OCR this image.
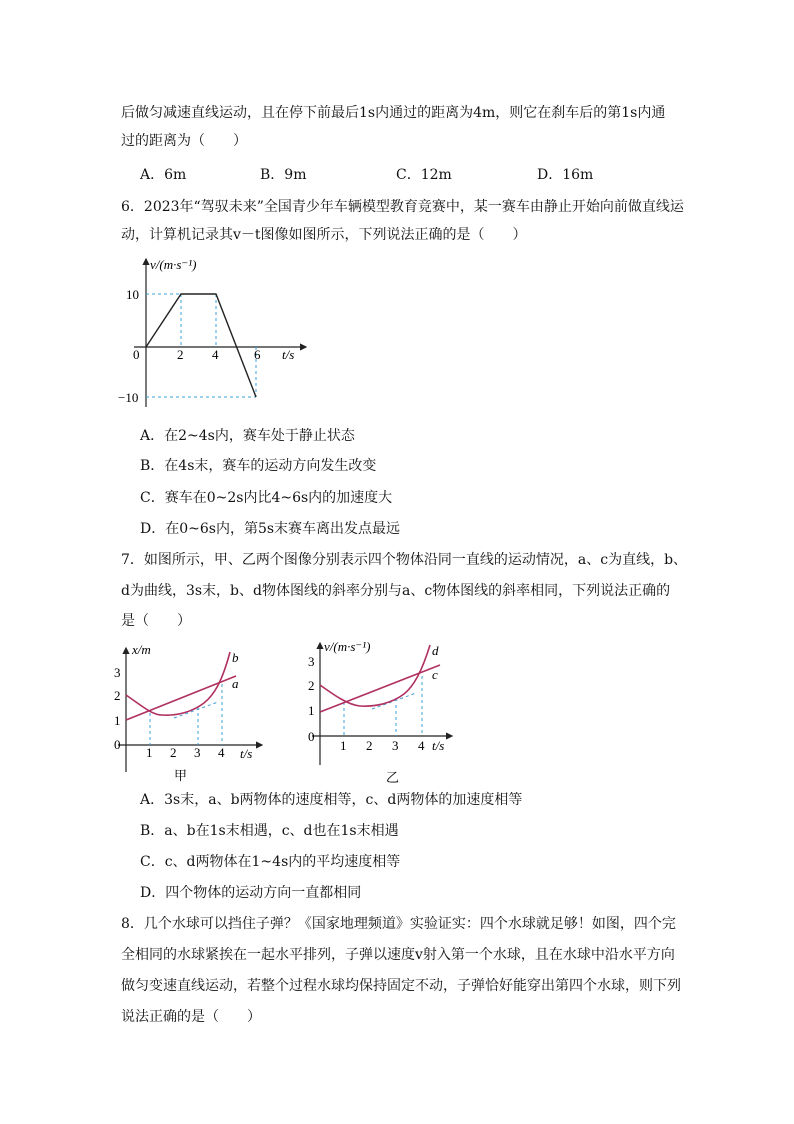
后做匀减速直线运动，且在停下前最后1s内通过的距离为4m，则它在刹车后的第1s内通
过的距离为（　　）
A．6m	B．9m	C．12m	D．16m
6．2023年“驾驭未来”全国青少年车辆模型教育竞赛中，某一赛车由静止开始向前做直线运
动，计算机记录其v－t图像如图所示，下列说法正确的是（　　）
v/(m·s⁻¹)
t/s
0	2 4	6
10
−10
A．在2~4s内，赛车处于静止状态
B．在4s末，赛车的运动方向发生改变
C．赛车在0~2s内比4~6s内的加速度大
D．在0~6s内，第5s末赛车离出发点最远
7．如图所示，甲、乙两个图像分别表示四个物体沿同一直线的运动情况，a、c为直线，b、
d为曲线，3s末，b、d物体图线的斜率分别与a、c物体图线的斜率相同，下列说法正确的
是（　　）
x/m
t/s
b
a
0
1 2 3 4
1
2
3
甲
v/(m·s⁻¹)
t/s
d
c
0
1 2 3 4
1
2
3
乙
A．3s末，a、b两物体的速度相等，c、d两物体的加速度相等
B．a、b在1s末相遇，c、d也在1s末相遇
C．c、d两物体在1~4s内的平均速度相等
D．四个物体的运动方向一直都相同
8．几个水球可以挡住子弹？《国家地理频道》实验证实：四个水球就足够！如图，四个完
全相同的水球紧挨在一起水平排列，子弹以速度v射入第一个水球，且在水球中沿水平方向
做匀变速直线运动，若整个过程水球均保持固定不动，子弹恰好能穿出第四个水球，则下列
说法正确的是（　　）
